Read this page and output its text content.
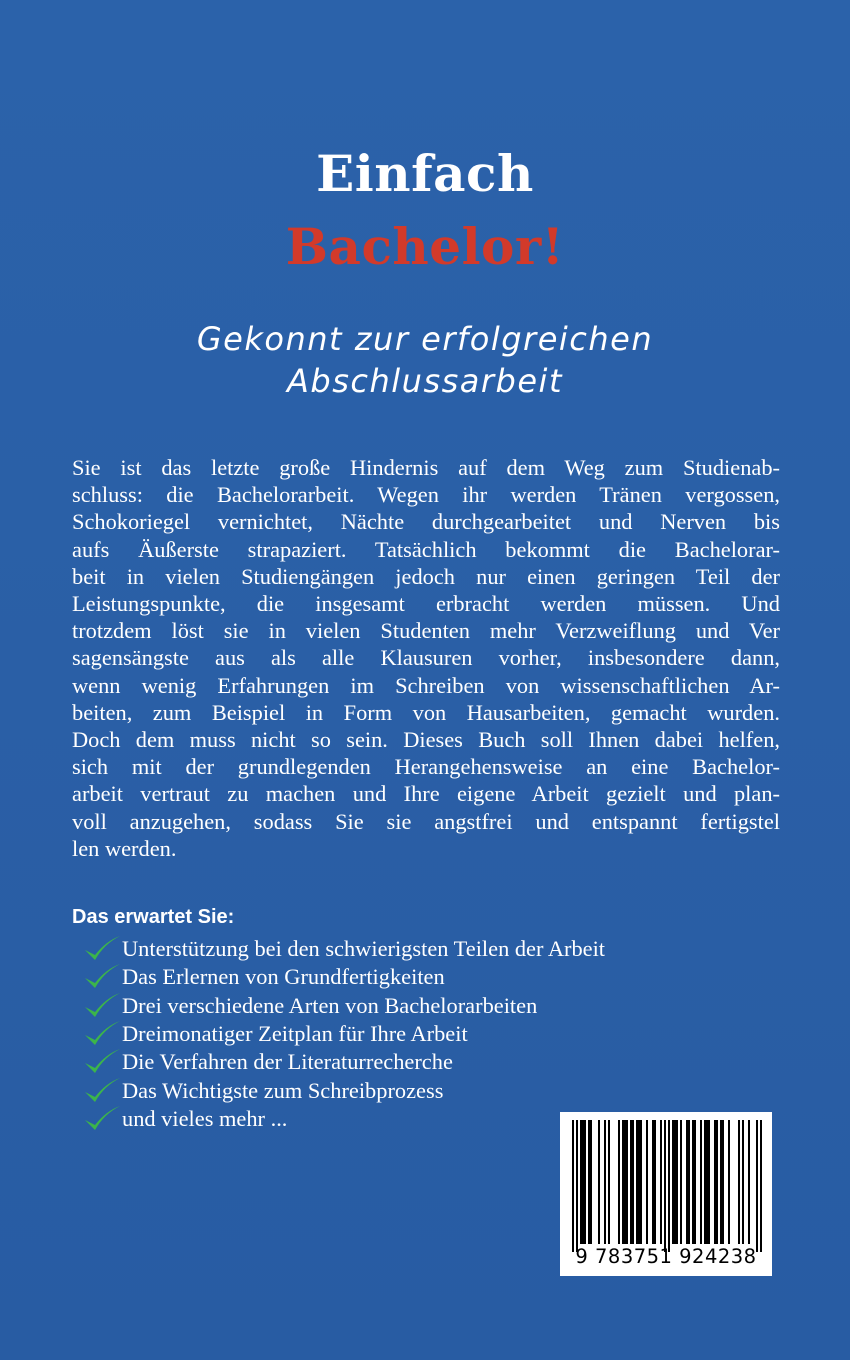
Einfach
Bachelor!
Gekonnt zur erfolgreichen
Abschlussarbeit
Sie ist das letzte große Hindernis auf dem Weg zum Studienab-
schluss: die Bachelorarbeit. Wegen ihr werden Tränen vergossen,
Schokoriegel vernichtet, Nächte durchgearbeitet und Nerven bis
aufs Äußerste strapaziert. Tatsächlich bekommt die Bachelorar-
beit in vielen Studiengängen jedoch nur einen geringen Teil der
Leistungspunkte, die insgesamt erbracht werden müssen. Und
trotzdem löst sie in vielen Studenten mehr Verzweiflung und Ver
sagensängste aus als alle Klausuren vorher, insbesondere dann,
wenn wenig Erfahrungen im Schreiben von wissenschaftlichen Ar-
beiten, zum Beispiel in Form von Hausarbeiten, gemacht wurden.
Doch dem muss nicht so sein. Dieses Buch soll Ihnen dabei helfen,
sich mit der grundlegenden Herangehensweise an eine Bachelor-
arbeit vertraut zu machen und Ihre eigene Arbeit gezielt und plan-
voll anzugehen, sodass Sie sie angstfrei und entspannt fertigstel
len werden.
Das erwartet Sie:
Unterstützung bei den schwierigsten Teilen der Arbeit
Das Erlernen von Grundfertigkeiten
Drei verschiedene Arten von Bachelorarbeiten
Dreimonatiger Zeitplan für Ihre Arbeit
Die Verfahren der Literaturrecherche
Das Wichtigste zum Schreibprozess
und vieles mehr ...
9 783751 924238
